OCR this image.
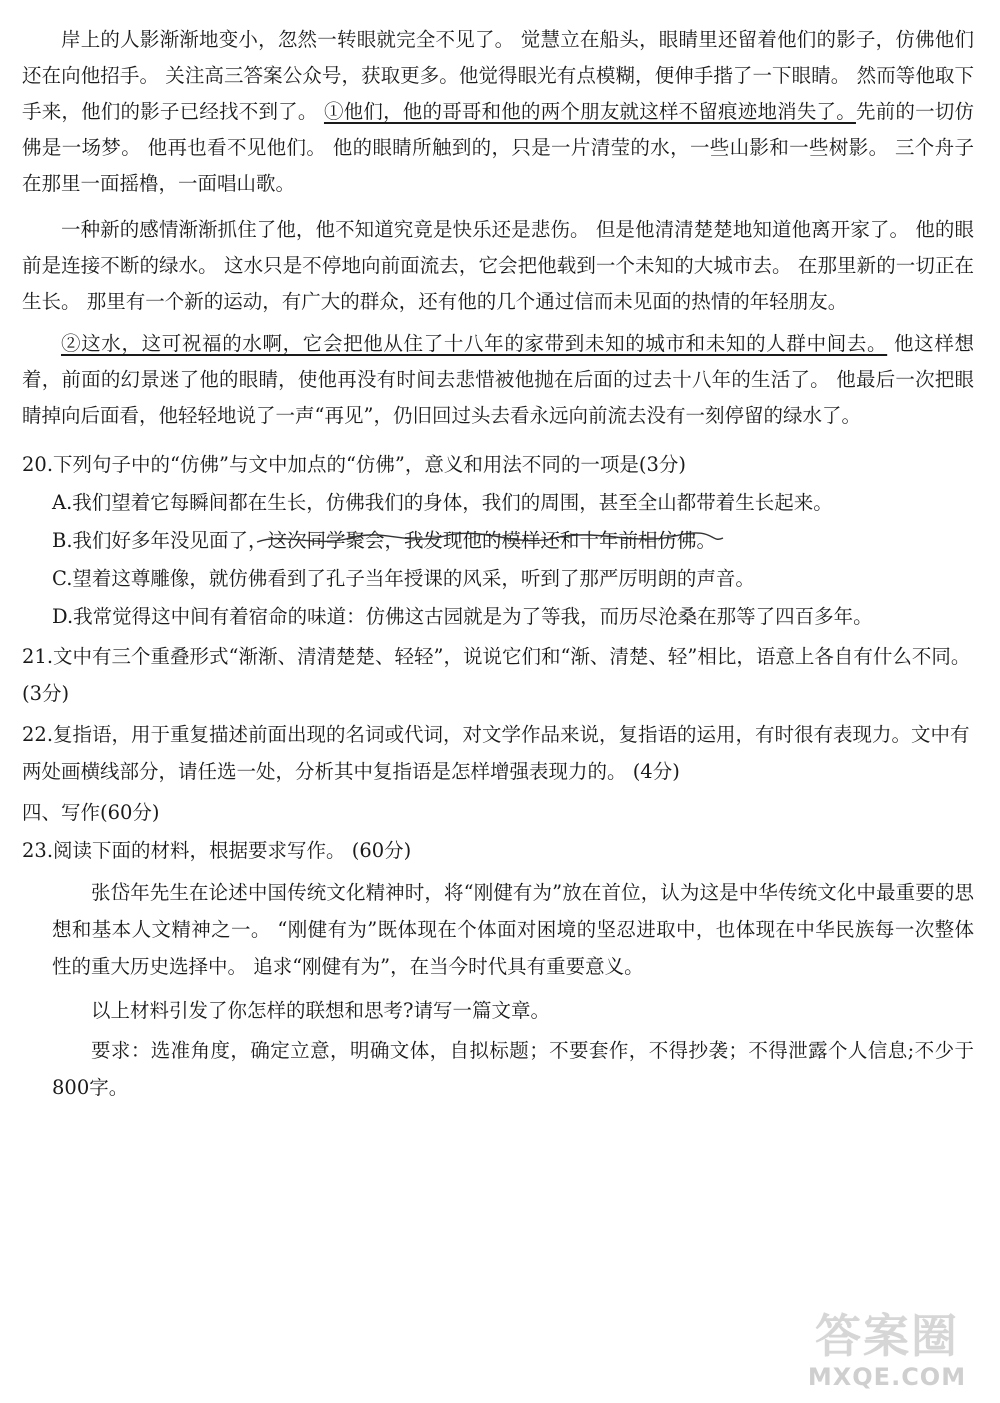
岸上的人影渐渐地变小，忽然一转眼就完全不见了。 觉慧立在船头，眼睛里还留着他们的影子，仿佛他们还在向他招手。 关注高三答案公众号，获取更多。他觉得眼光有点模糊，便伸手揩了一下眼睛。 然而等他取下手来，他们的影子已经找不到了。 ①他们，他的哥哥和他的两个朋友就这样不留痕迹地消失了。先前的一切仿佛是一场梦。 他再也看不见他们。 他的眼睛所触到的，只是一片清莹的水，一些山影和一些树影。 三个舟子在那里一面摇橹，一面唱山歌。

一种新的感情渐渐抓住了他，他不知道究竟是快乐还是悲伤。 但是他清清楚楚地知道他离开家了。 他的眼前是连接不断的绿水。 这水只是不停地向前面流去，它会把他载到一个未知的大城市去。 在那里新的一切正在生长。 那里有一个新的运动，有广大的群众，还有他的几个通过信而未见面的热情的年轻朋友。

②这水，这可祝福的水啊，它会把他从住了十八年的家带到未知的城市和未知的人群中间去。 他这样想着，前面的幻景迷了他的眼睛，使他再没有时间去悲惜被他抛在后面的过去十八年的生活了。 他最后一次把眼睛掉向后面看，他轻轻地说了一声“再见”，仍旧回过头去看永远向前流去没有一刻停留的绿水了。

20.下列句子中的“仿佛”与文中加点的“仿佛”，意义和用法不同的一项是(3分)

A.我们望着它每瞬间都在生长，仿佛我们的身体，我们的周围，甚至全山都带着生长起来。
B.我们好多年没见面了，这次同学聚会，我发现他的模样还和十年前相仿佛。
C.望着这尊雕像，就仿佛看到了孔子当年授课的风采，听到了那严厉明朗的声音。
D.我常觉得这中间有着宿命的味道：仿佛这古园就是为了等我，而历尽沧桑在那等了四百多年。

21.文中有三个重叠形式“渐渐、清清楚楚、轻轻”，说说它们和“渐、清楚、轻”相比，语意上各自有什么不同。(3分)

22.复指语，用于重复描述前面出现的名词或代词，对文学作品来说，复指语的运用，有时很有表现力。文中有两处画横线部分，请任选一处，分析其中复指语是怎样增强表现力的。 (4分)

四、写作(60分)

23.阅读下面的材料，根据要求写作。 (60分)

张岱年先生在论述中国传统文化精神时，将“刚健有为”放在首位，认为这是中华传统文化中最重要的思想和基本人文精神之一。 “刚健有为”既体现在个体面对困境的坚忍进取中，也体现在中华民族每一次整体性的重大历史选择中。 追求“刚健有为”，在当今时代具有重要意义。

以上材料引发了你怎样的联想和思考?请写一篇文章。

要求：选准角度，确定立意，明确文体，自拟标题；不要套作，不得抄袭；不得泄露个人信息;不少于 800字。

答案圈
MXQE.COM
